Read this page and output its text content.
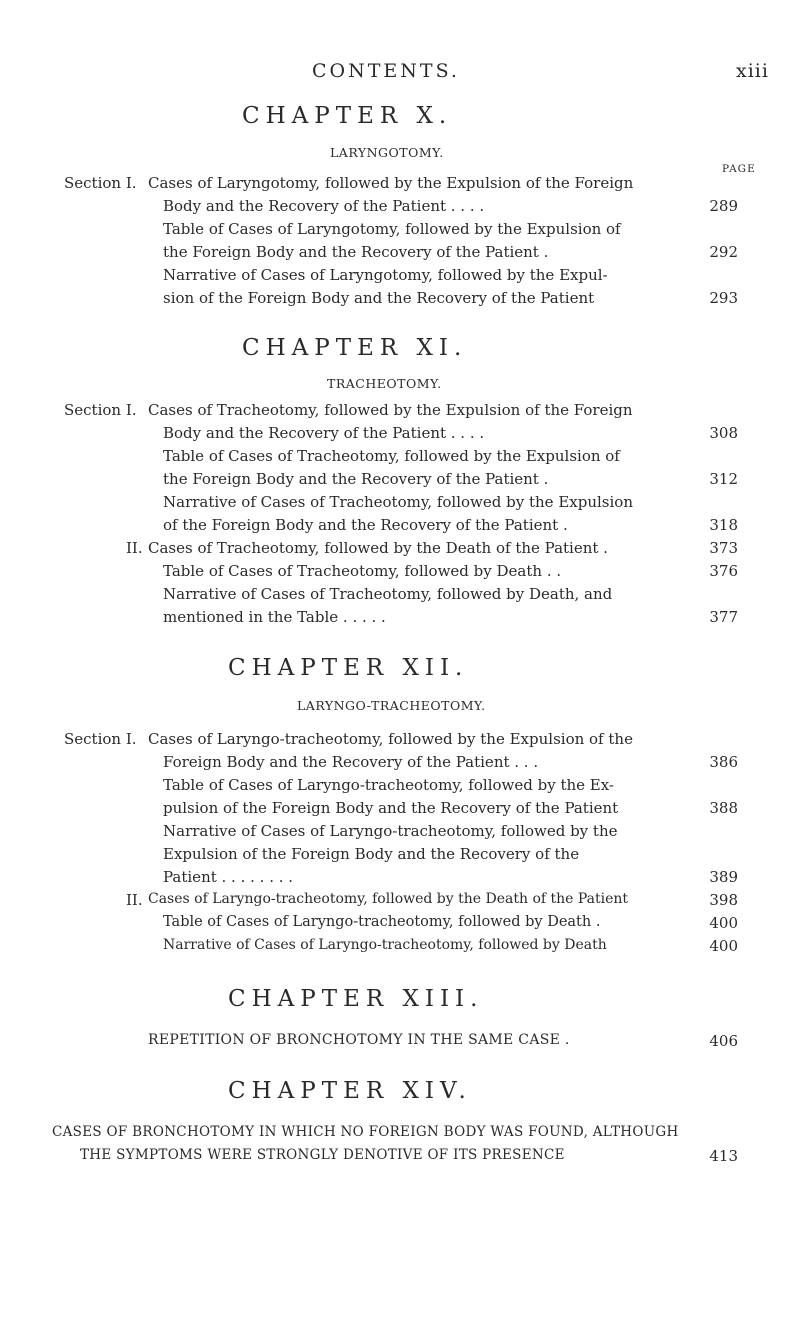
CONTENTS.	xiii
CHAPTER X.
LARYNGOTOMY.
PAGE
Section I. Cases of Laryngotomy, followed by the Expulsion of the Foreign
Body and the Recovery of the Patient . . . .	289
Table of Cases of Laryngotomy, followed by the Expulsion of
the Foreign Body and the Recovery of the Patient .	292
Narrative of Cases of Laryngotomy, followed by the Expul-
sion of the Foreign Body and the Recovery of the Patient	293
CHAPTER XI.
TRACHEOTOMY.
Section I. Cases of Tracheotomy, followed by the Expulsion of the Foreign
Body and the Recovery of the Patient . . . .	308
Table of Cases of Tracheotomy, followed by the Expulsion of
the Foreign Body and the Recovery of the Patient .	312
Narrative of Cases of Tracheotomy, followed by the Expulsion
of the Foreign Body and the Recovery of the Patient .	318
II. Cases of Tracheotomy, followed by the Death of the Patient .	373
Table of Cases of Tracheotomy, followed by Death . .	376
Narrative of Cases of Tracheotomy, followed by Death, and
mentioned in the Table . . . . .	377
CHAPTER XII.
LARYNGO-TRACHEOTOMY.
Section I. Cases of Laryngo-tracheotomy, followed by the Expulsion of the
Foreign Body and the Recovery of the Patient . . .	386
Table of Cases of Laryngo-tracheotomy, followed by the Ex-
pulsion of the Foreign Body and the Recovery of the Patient	388
Narrative of Cases of Laryngo-tracheotomy, followed by the
Expulsion of the Foreign Body and the Recovery of the
Patient . . . . . . . .	389
II. Cases of Laryngo-tracheotomy, followed by the Death of the Patient	398
Table of Cases of Laryngo-tracheotomy, followed by Death .	400
Narrative of Cases of Laryngo-tracheotomy, followed by Death	400
CHAPTER XIII.
REPETITION OF BRONCHOTOMY IN THE SAME CASE .	406
CHAPTER XIV.
CASES OF BRONCHOTOMY IN WHICH NO FOREIGN BODY WAS FOUND, ALTHOUGH
THE SYMPTOMS WERE STRONGLY DENOTIVE OF ITS PRESENCE	413
